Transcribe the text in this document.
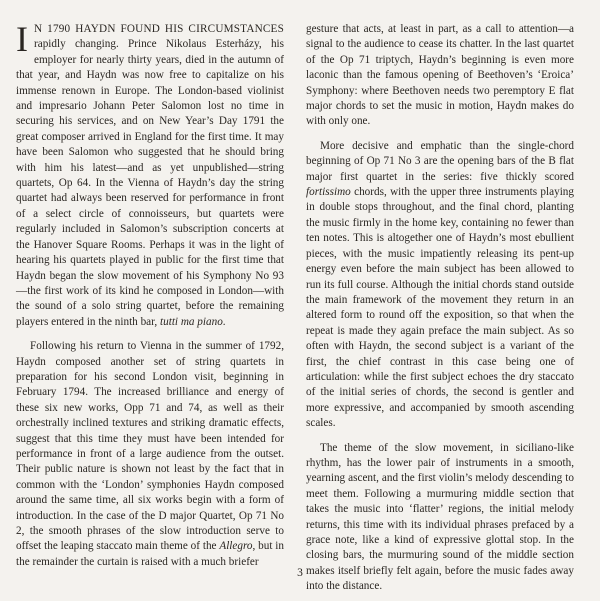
I N 1790 HAYDN FOUND HIS CIRCUMSTANCES rapidly changing. Prince Nikolaus Esterházy, his employer for nearly thirty years, died in the autumn of that year, and Haydn was now free to capitalize on his immense renown in Europe. The London-based violinist and impresario Johann Peter Salomon lost no time in securing his services, and on New Year’s Day 1791 the great composer arrived in England for the first time. It may have been Salomon who suggested that he should bring with him his latest—and as yet unpublished—string quartets, Op 64. In the Vienna of Haydn’s day the string quartet had always been reserved for performance in front of a select circle of connoisseurs, but quartets were regularly included in Salomon’s subscription concerts at the Hanover Square Rooms. Perhaps it was in the light of hearing his quartets played in public for the first time that Haydn began the slow movement of his Symphony No 93—the first work of its kind he composed in London—with the sound of a solo string quartet, before the remaining players entered in the ninth bar, tutti ma piano.

Following his return to Vienna in the summer of 1792, Haydn composed another set of string quartets in preparation for his second London visit, beginning in February 1794. The increased brilliance and energy of these six new works, Opp 71 and 74, as well as their orchestrally inclined textures and striking dramatic effects, suggest that this time they must have been intended for performance in front of a large audience from the outset. Their public nature is shown not least by the fact that in common with the ‘London’ symphonies Haydn composed around the same time, all six works begin with a form of introduction. In the case of the D major Quartet, Op 71 No 2, the smooth phrases of the slow introduction serve to offset the leaping staccato main theme of the Allegro, but in the remainder the curtain is raised with a much briefer

gesture that acts, at least in part, as a call to attention—a signal to the audience to cease its chatter. In the last quartet of the Op 71 triptych, Haydn’s beginning is even more laconic than the famous opening of Beethoven’s ‘Eroica’ Symphony: where Beethoven needs two peremptory E flat major chords to set the music in motion, Haydn makes do with only one.

More decisive and emphatic than the single-chord beginning of Op 71 No 3 are the opening bars of the B flat major first quartet in the series: five thickly scored fortissimo chords, with the upper three instruments playing in double stops throughout, and the final chord, planting the music firmly in the home key, containing no fewer than ten notes. This is altogether one of Haydn’s most ebullient pieces, with the music impatiently releasing its pent-up energy even before the main subject has been allowed to run its full course. Although the initial chords stand outside the main framework of the movement they return in an altered form to round off the exposition, so that when the repeat is made they again preface the main subject. As so often with Haydn, the second subject is a variant of the first, the chief contrast in this case being one of articulation: while the first subject echoes the dry staccato of the initial series of chords, the second is gentler and more expressive, and accompanied by smooth ascending scales.

The theme of the slow movement, in siciliano-like rhythm, has the lower pair of instruments in a smooth, yearning ascent, and the first violin’s melody descending to meet them. Following a murmuring middle section that takes the music into ‘flatter’ regions, the initial melody returns, this time with its individual phrases prefaced by a grace note, like a kind of expressive glottal stop. In the closing bars, the murmuring sound of the middle section makes itself briefly felt again, before the music fades away into the distance.

3
